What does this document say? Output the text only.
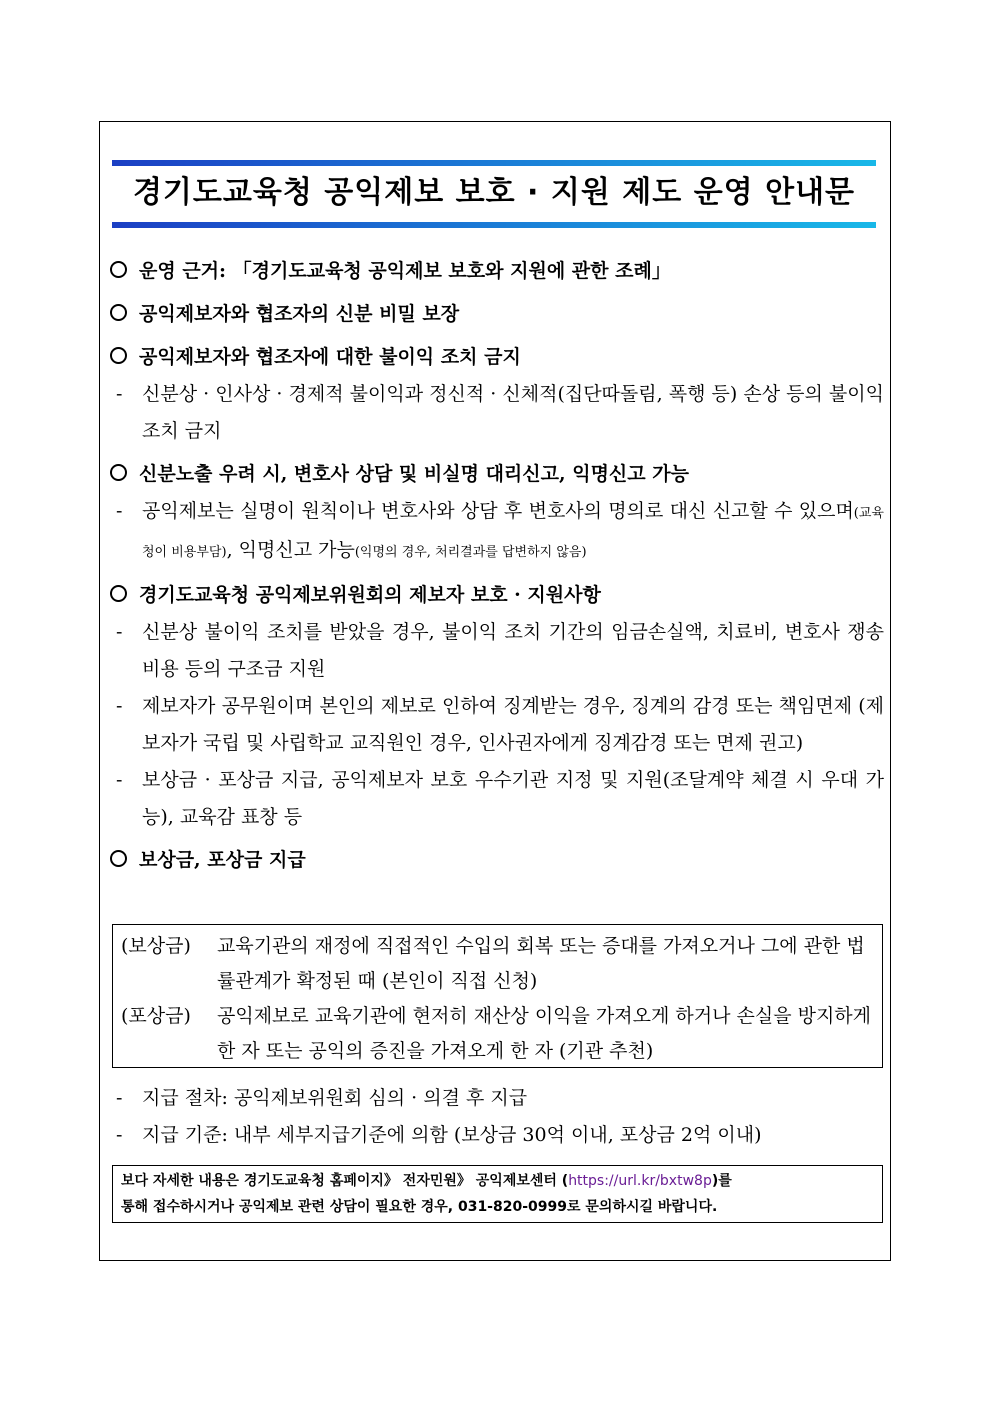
경기도교육청 공익제보 보호 · 지원 제도 운영 안내문
운영 근거: 「경기도교육청 공익제보 보호와 지원에 관한 조례」
공익제보자와 협조자의 신분 비밀 보장
공익제보자와 협조자에 대한 불이익 조치 금지
- 신분상 · 인사상 · 경제적 불이익과 정신적 · 신체적(집단따돌림, 폭행 등) 손상 등의 불이익 조치 금지
신분노출 우려 시, 변호사 상담 및 비실명 대리신고, 익명신고 가능
- 공익제보는 실명이 원칙이나 변호사와 상담 후 변호사의 명의로 대신 신고할 수 있으며(교육청이 비용부담), 익명신고 가능(익명의 경우, 처리결과를 답변하지 않음)
경기도교육청 공익제보위원회의 제보자 보호 · 지원사항
- 신분상 불이익 조치를 받았을 경우, 불이익 조치 기간의 임금손실액, 치료비, 변호사 쟁송비용 등의 구조금 지원
- 제보자가 공무원이며 본인의 제보로 인하여 징계받는 경우, 징계의 감경 또는 책임면제 (제보자가 국립 및 사립학교 교직원인 경우, 인사권자에게 징계감경 또는 면제 권고)
- 보상금 · 포상금 지급, 공익제보자 보호 우수기관 지정 및 지원(조달계약 체결 시 우대 가능), 교육감 표창 등
보상금, 포상금 지급
(보상금) 교육기관의 재정에 직접적인 수입의 회복 또는 증대를 가져오거나 그에 관한 법률관계가 확정된 때 (본인이 직접 신청)
(포상금) 공익제보로 교육기관에 현저히 재산상 이익을 가져오게 하거나 손실을 방지하게 한 자 또는 공익의 증진을 가져오게 한 자 (기관 추천)
- 지급 절차: 공익제보위원회 심의 · 의결 후 지급
- 지급 기준: 내부 세부지급기준에 의함 (보상금 30억 이내, 포상금 2억 이내)

보다 자세한 내용은 경기도교육청 홈페이지》 전자민원》 공익제보센터 (https://url.kr/bxtw8p)를

통해 접수하시거나 공익제보 관련 상담이 필요한 경우, 031-820-0999로 문의하시길 바랍니다.
